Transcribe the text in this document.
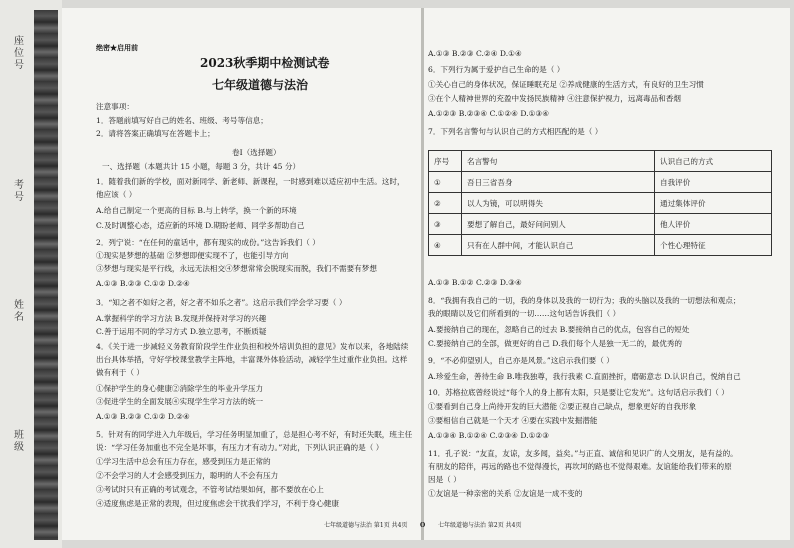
座位号
考号
姓名
班级
绝密★启用前
2023秋季期中检测试卷
七年级道德与法治
注意事项：
1．答题前填写好自己的姓名、班级、考号等信息；
2．请将答案正确填写在答题卡上；
卷Ⅰ（选择题）
一、选择题（本题共计 15 小题，每题 3 分，共计 45 分）
1．随着我们新的学校，面对新同学、新老师、新课程，一时感到难以适应初中生活。这时，
他应该（ ）
A.给自己制定一个更高的目标 B.与上转学，换一个新的环境
C.及时调整心态，适应新的环境 D.期盼老师、同学多帮助自己
2．列宁说：“在任何的童话中，都有现实的成份。”这告诉我们（ ）
①现实是梦想的基础 ②梦想即便实现不了，也能引导方向
③梦想与现实是平行线，永远无法相交④梦想常常会脱现实而脱，我们不需要有梦想
A.①③ B.②③ C.①② D.②④
3．“知之者不如好之者，好之者不如乐之者”。这启示我们学会学习要（ ）
A.掌握科学的学习方法 B.发现并保持对学习的兴趣
C.善于运用不同的学习方式 D.独立思考，不断质疑
4．《关于进一步减轻义务教育阶段学生作业负担和校外培训负担的意见》发布以来，各地陆续
出台具体举措，守好学校课堂教学主阵地，丰富课外体验活动，减轻学生过重作业负担。这样
做有利于（ ）
①保护学生的身心健康②消除学生的毕业升学压力
③促进学生的全面发展④实现学生学习方法的统一
A.①③ B.②③ C.①② D.②④
5．针对有的同学进入九年级后，学习任务明显加重了，总是担心考不好，有时还失眠，班主任
说：“学习任务加重也不完全是坏事，有压力才有动力。”对此，下列认识正确的是（ ）
①学习生活中总会有压力存在，感受到压力是正常的
②不会学习的人才会感受到压力，聪明的人不会有压力
③考试时只有正确的考试观念，不管考试结果如何，都不要放在心上
④适度焦虑是正常的表现，但过度焦虑会干扰我们学习，不利于身心健康
七年级道德与法治 第1页 共4页
A.①③ B.②③ C.②④ D.①④
6．下列行为属于爱护自己生命的是（ ）
①关心自己的身体状况，保证睡眠充足 ②养成健康的生活方式，有良好的卫生习惯
③在个人精神世界的充盈中发扬民族精神 ④注意保护视力，远离毒品和香烟
A.①②③ B.②③④ C.①②④ D.①③④
7．下列名言警句与认识自己的方式相匹配的是（ ）
序号	名言警句	认识自己的方式
①	吾日三省吾身	自我评价
②	以人为镜，可以明得失	通过集体评价
③	要想了解自己，最好问问别人	他人评价
④	只有在人群中间，才能认识自己	个性心理特征
A.①③ B.①② C.②③ D.③④
8．“我拥有我自己的一切，我的身体以及我的一切行为；我的头脑以及我的一切想法和观点；
我的眼睛以及它们所看到的一切……这句话告诉我们（ ）
A.要接纳自己的现在，忽略自己的过去 B.要接纳自己的优点，包容自己的短处
C.要接纳自己的全部，做更好的自己 D.我们每个人是独一无二的，最优秀的
9．“不必仰望别人，自己亦是风景。”这启示我们要（ ）
A.珍爱生命，善待生命 B.唯我独尊，我行我素 C.直面挫折，磨砺意志 D.认识自己，悦纳自己
10．苏格拉底曾经说过“每个人的身上都有太阳，只是要让它发光”。这句话启示我们（ ）
①要看到自己身上尚待开发的巨大潜能 ②要正视自己缺点，想象更好的自我形象
③要相信自己就是一个天才 ④要在实践中发掘潜能
A.①③④ B.①②④ C.②③④ D.①②③
11．孔子说：“友直，友谅，友多闻，益矣。”与正直、诚信和见识广的人交朋友，是有益的。
有朋友的陪伴，再远的路也不觉得漫长，再坎坷的路也不觉得艰难。友谊能给我们带来的原
因是（ ）
①友谊是一种亲密的关系 ②友谊是一成不变的
O 七年级道德与法治 第2页 共4页
